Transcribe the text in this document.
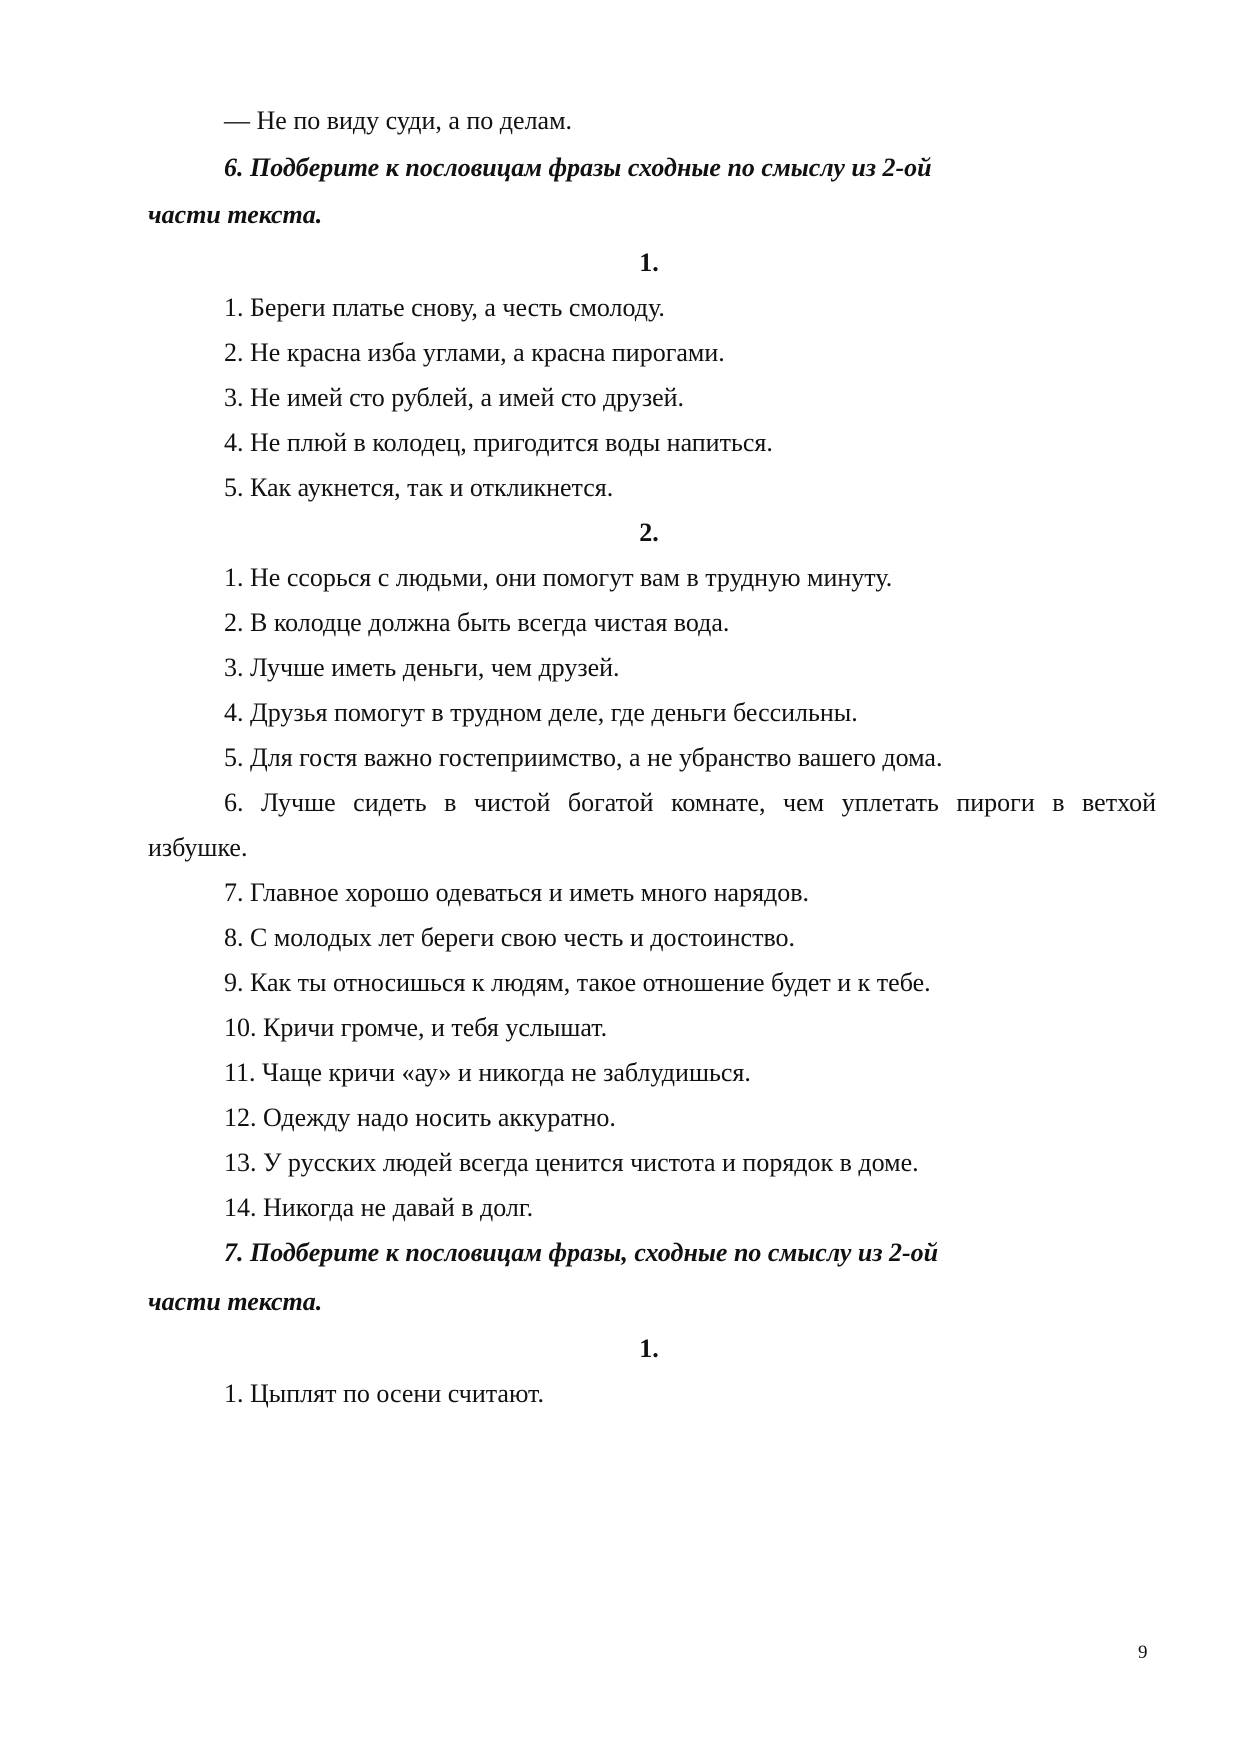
— Не по виду суди, а по делам.
6. Подберите к пословицам фразы сходные по смыслу из 2-ой
части текста.
1.
1. Береги платье снову, а честь смолоду.
2. Не красна изба углами, а красна пирогами.
3. Не имей сто рублей, а имей сто друзей.
4. Не плюй в колодец, пригодится воды напиться.
5. Как аукнется, так и откликнется.
2.
1. Не ссорься с людьми, они помогут вам в трудную минуту.
2. В колодце должна быть всегда чистая вода.
3. Лучше иметь деньги, чем друзей.
4. Друзья помогут в трудном деле, где деньги бессильны.
5. Для гостя важно гостеприимство, а не убранство вашего дома.
6. Лучше сидеть в чистой богатой комнате, чем уплетать пироги в ветхой
избушке.
7. Главное хорошо одеваться и иметь много нарядов.
8. С молодых лет береги свою честь и достоинство.
9. Как ты относишься к людям, такое отношение будет и к тебе.
10. Кричи громче, и тебя услышат.
11. Чаще кричи «ау» и никогда не заблудишься.
12. Одежду надо носить аккуратно.
13. У русских людей всегда ценится чистота и порядок в доме.
14. Никогда не давай в долг.
7. Подберите к пословицам фразы, сходные по смыслу из 2-ой
части текста.
1.
1. Цыплят по осени считают.
9
